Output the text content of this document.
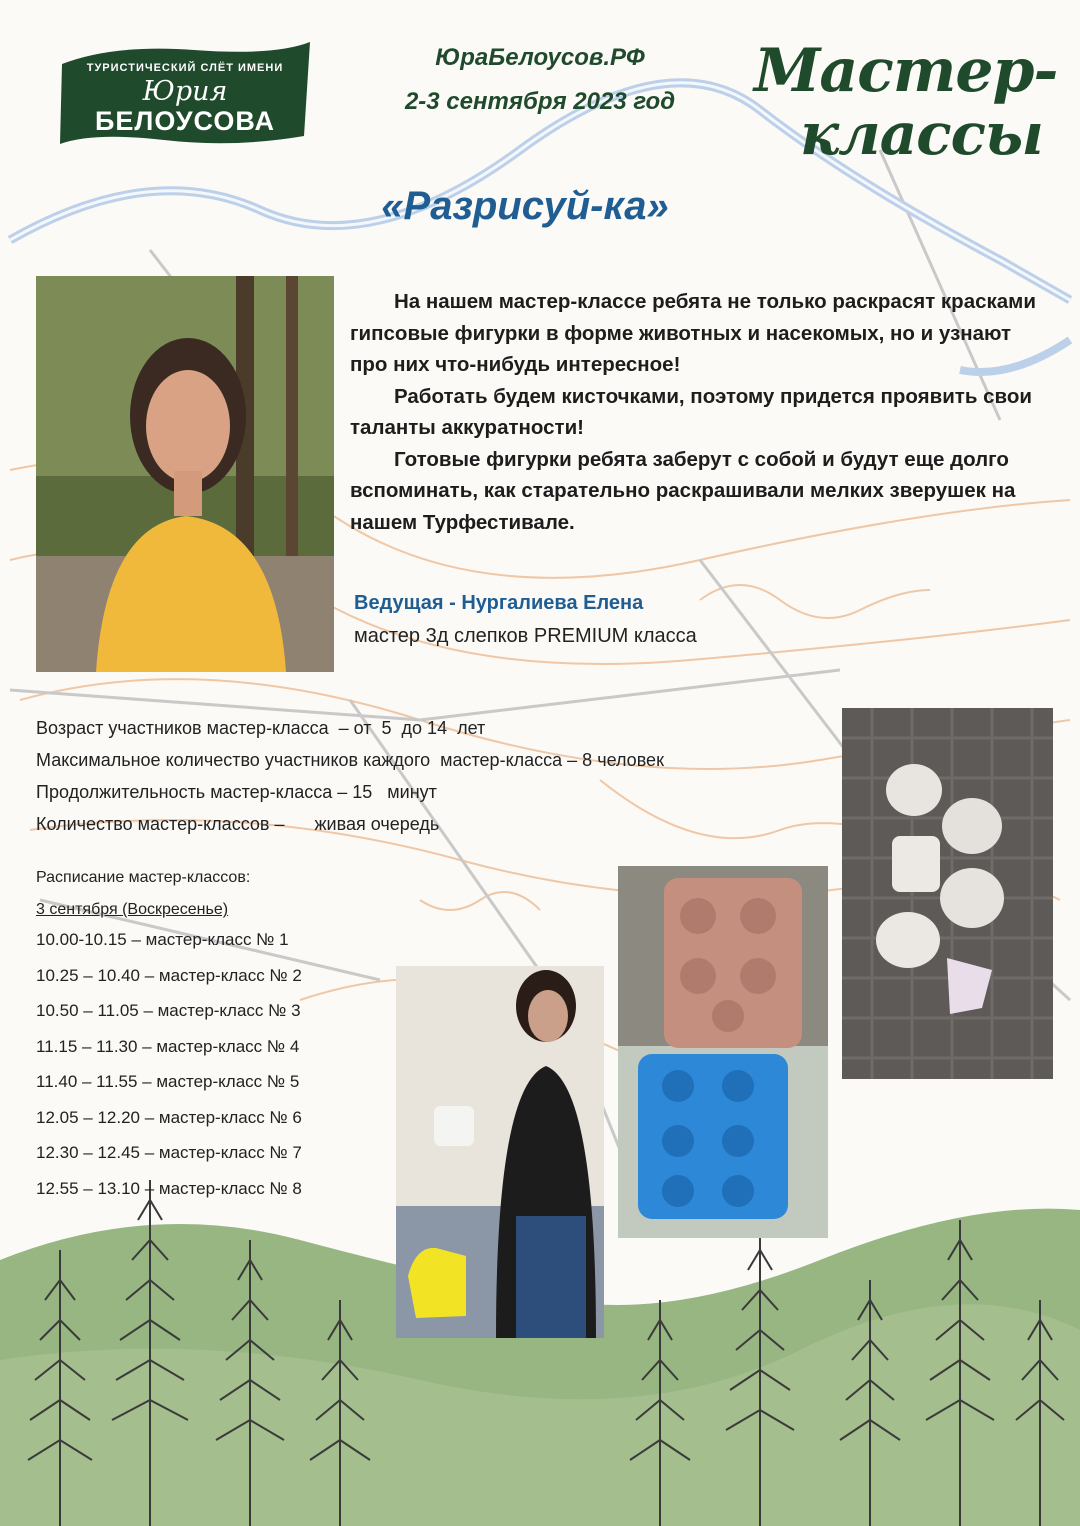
ТУРИСТИЧЕСКИЙ СЛЁТ ИМЕНИ
Юрия
БЕЛОУСОВА
ЮраБелоусов.РФ
2-3 сентября 2023 год	Мастер-
классы
«Разрисуй-ка»

На нашем мастер-классе ребята не только раскрасят красками гипсовые фигурки в форме животных и насекомых, но и узнают про них что-нибудь интересное!

Работать будем кисточками, поэтому придется проявить свои таланты аккуратности!

Готовые фигурки ребята заберут с собой и будут еще долго вспоминать, как старательно раскрашивали мелких зверушек на нашем Турфестивале.

Ведущая - Нургалиева Елена
мастер 3д слепков PREMIUM класса
Возраст участников мастер-класса  – от  5  до 14  лет
Максимальное количество участников каждого  мастер-класса – 8 человек
Продолжительность мастер-класса – 15   минут
Количество мастер-классов –      живая очередь
Расписание мастер-классов:
3 сентября (Воскресенье)
10.00-10.15 – мастер-класс № 1
10.25 – 10.40 – мастер-класс № 2
10.50 – 11.05 – мастер-класс № 3
11.15 – 11.30 – мастер-класс № 4
11.40 – 11.55 – мастер-класс № 5
12.05 – 12.20 – мастер-класс № 6
12.30 – 12.45 – мастер-класс № 7
12.55 – 13.10 – мастер-класс № 8
